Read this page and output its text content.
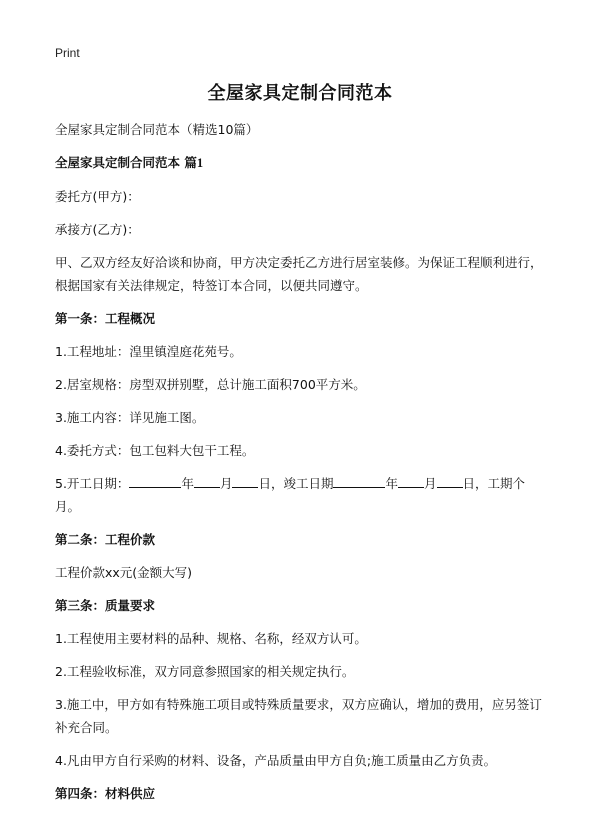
Print
全屋家具定制合同范本

全屋家具定制合同范本（精选10篇）

全屋家具定制合同范本 篇1

委托方(甲方)：

承接方(乙方)：

甲、乙双方经友好洽谈和协商，甲方决定委托乙方进行居室装修。为保证工程顺利进行，根据国家有关法律规定，特签订本合同，以便共同遵守。

第一条：工程概况

1.工程地址：湟里镇湟庭花苑号。

2.居室规格：房型双拼别墅，总计施工面积700平方米。

3.施工内容：详见施工图。

4.委托方式：包工包料大包干工程。

5.开工日期：	年 月 日，竣工日期	年 月 日，工期个月。

第二条：工程价款

工程价款xx元(金额大写)

第三条：质量要求

1.工程使用主要材料的品种、规格、名称，经双方认可。

2.工程验收标准，双方同意参照国家的相关规定执行。

3.施工中，甲方如有特殊施工项目或特殊质量要求，双方应确认，增加的费用，应另签订补充合同。

4.凡由甲方自行采购的材料、设备，产品质量由甲方自负;施工质量由乙方负责。

第四条：材料供应
